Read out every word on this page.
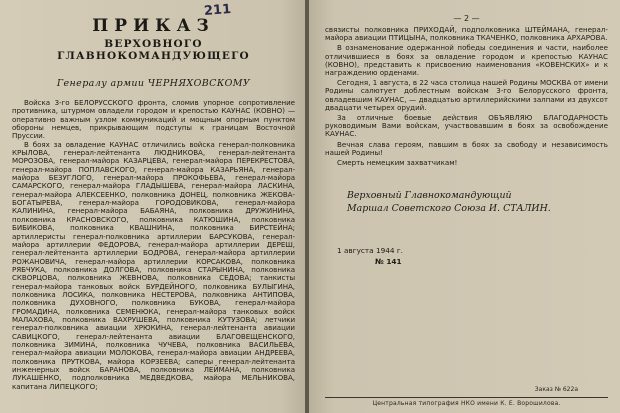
211
ПРИКАЗ
ВЕРХОВНОГО ГЛАВНОКОМАНДУЮЩЕГО
Генералу армии ЧЕРНЯХОВСКОМУ

Войска 3-го БЕЛОРУССКОГО фронта, сломив упорное сопротивление противника, штурмом овладели городом и крепостью КАУНАС (КОВНО) — оперативно важным узлом коммуникаций и мощным опорным пунктом обороны немцев, прикрывающим подступы к границам Восточной Пруссии.

В боях за овладение КАУНАС отличились войска генерал-полковника КРЫЛОВА, генерал-лейтенанта ЛЮДНИКОВА, генерал-лейтенанта МОРОЗОВА, генерал-майора КАЗАРЦЕВА, генерал-майора ПЕРЕКРЕСТОВА, генерал-майора ПОПЛАВСКОГО, генерал-майора КАЗАРЬЯНА, генерал-майора БЕЗУГЛОГО, генерал-майора ПРОКОФЬЕВА, генерал-майора САМАРСКОГО, генерал-майора ГЛАДЫШЕВА, генерал-майора ЛАСКИНА, генерал-майора АЛЕКСЕЕНКО, полковника ДОНЕЦ, полковника ЖЕКОВА-БОГАТЫРЕВА, генерал-майора ГОРОДОВИКОВА, генерал-майора КАЛИНИНА, генерал-майора БАБАЯНА, полковника ДРУЖИНИНА, полковника КРАСНОВСКОГО, полковника КАТЮШИНА, полковника БИБИКОВА, полковника КВАШНИНА, полковника БИРСТЕЙНА; артиллеристы генерал-полковника артиллерии БАРСУКОВА, генерал-майора артиллерии ФЕДОРОВА, генерал-майора артиллерии ДЕРЕШ, генерал-лейтенанта артиллерии БОДРОВА, генерал-майора артиллерии РОЖАНОВИЧА, генерал-майора артиллерии КОРСАКОВА, полковника РЯБЧУКА, полковника ДОЛГОВА, полковника СТАРЫНИНА, полковника СКВОРЦОВА, полковника ЖЕВНОВА, полковника СЕДОВА; танкисты генерал-майора танковых войск БУРДЕЙНОГО, полковника БУЛЫГИНА, полковника ЛОСИКА, полковника НЕСТЕРОВА, полковника АНТИПОВА, полковника ДУХОВНОГО, полковника БУКОВА, генерал-майора ГРОМАДИНА, полковника СЕМЕНЮКА, генерал-майора танковых войск МАЛАХОВА, полковника ВАХРУШЕВА, полковника КУТУЗОВА; летчики генерал-полковника авиации ХРЮКИНА, генерал-лейтенанта авиации САВИЦКОГО, генерал-лейтенанта авиации БЛАГОВЕЩЕНСКОГО, полковника ЗИМИНА, полковника ЧУЧЕВА, полковника ВАСИЛЬЕВА, генерал-майора авиации МОЛОКОВА, генерал-майора авиации АНДРЕЕВА, полковника ПРУТКОВА, майора КОРЗЕЕВА; саперы генерал-лейтенанта инженерных войск БАРАНОВА, полковника ЛЕЙМАНА, полковника ЛУКАШЕНКО, подполковника МЕДВЕДКОВА, майора МЕЛЬНИКОВА, капитана ЛИПЕЦКОГО;

— 2 —

связисты полковника ПРИХОДАЙ, подполковника ШТЕЙМАНА, генерал-майора авиации ПТИЦЫНА, полковника ТКАЧЕНКО, полковника АРХАРОВА.

В ознаменование одержанной победы соединения и части, наиболее отличившиеся в боях за овладение городом и крепостью КАУНАС (КОВНО), представить к присвоению наименования «КОВЕНСКИХ» и к награждению орденами.

Сегодня, 1 августа, в 22 часа столица нашей Родины МОСКВА от имени Родины салютует доблестным войскам 3-го Белорусского фронта, овладевшим КАУНАС, — двадцатью артиллерийскими залпами из двухсот двадцати четырех орудий.

За отличные боевые действия ОБЪЯВЛЯЮ БЛАГОДАРНОСТЬ руководимым Вами войскам, участвовавшим в боях за освобождение КАУНАС.

Вечная слава героям, павшим в боях за свободу и независимость нашей Родины!

Смерть немецким захватчикам!

Верховный Главнокомандующий
Маршал Советского Союза И. СТАЛИН.
1 августа 1944 г.
№ 141
Заказ № 622а
Центральная типография НКО имени К. Е. Ворошилова.
